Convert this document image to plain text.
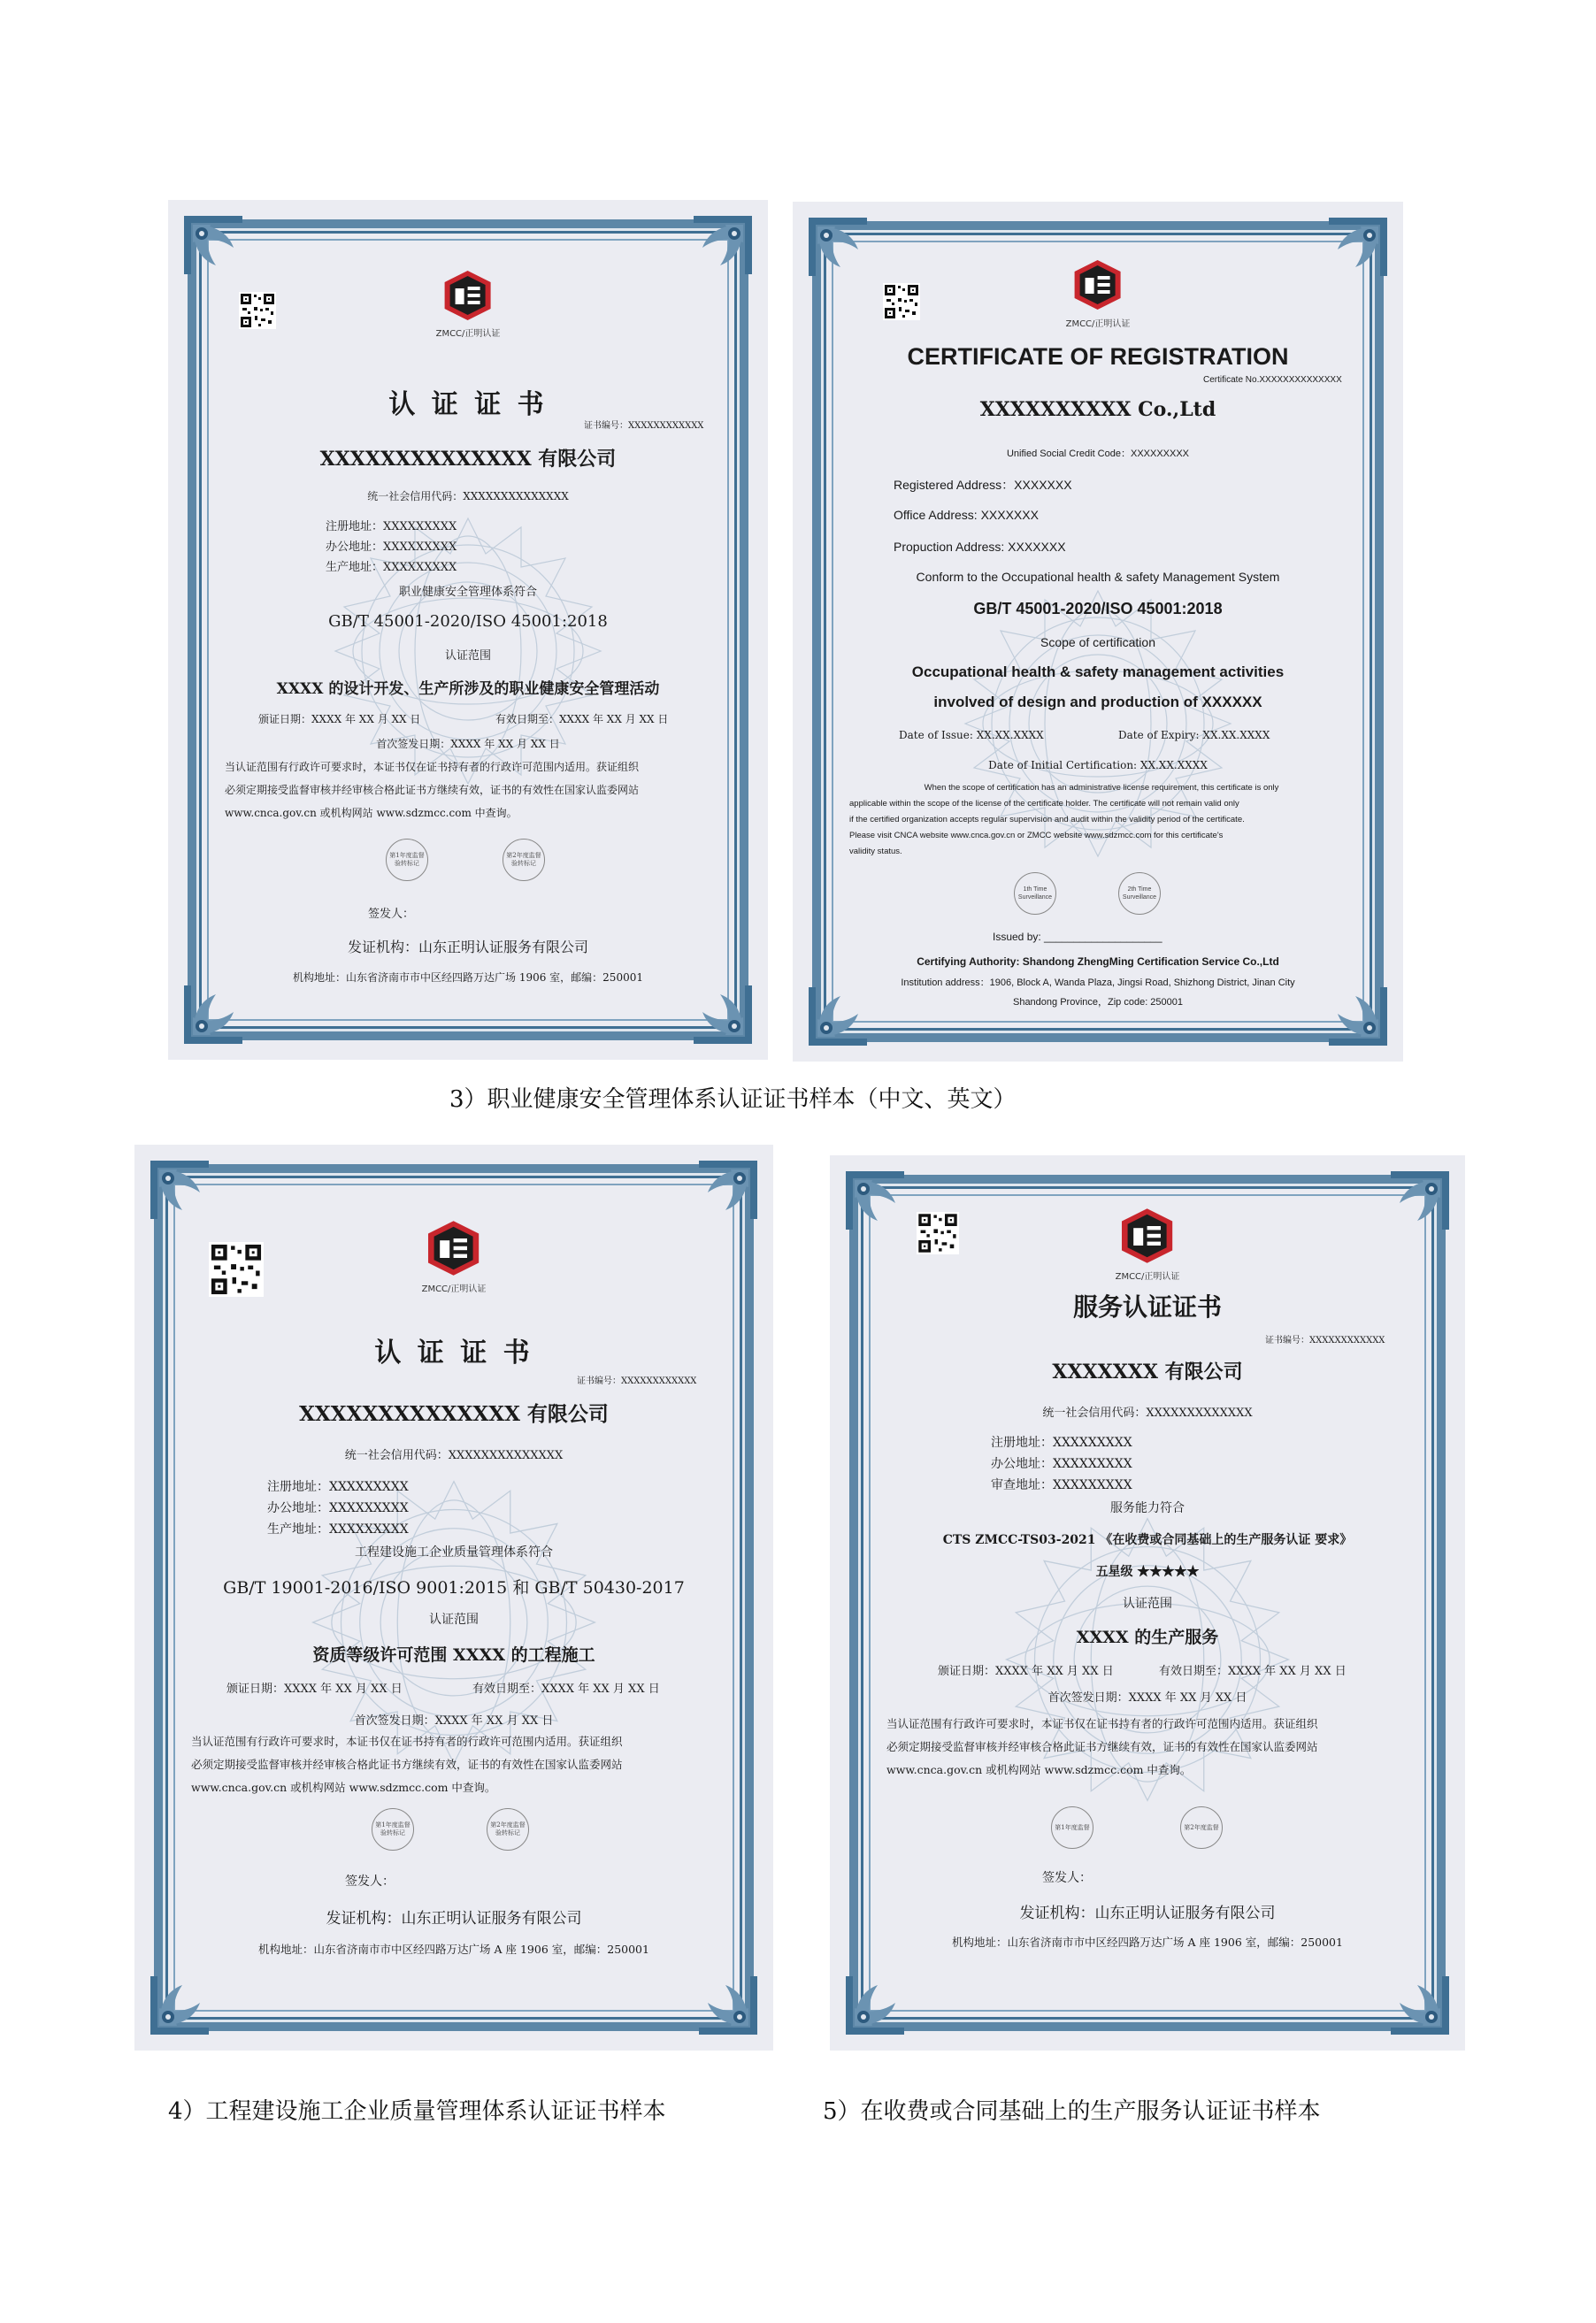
ZMCC/正明认证
认 证 证 书
证书编号：XXXXXXXXXXXX
XXXXXXXXXXXXXX 有限公司
统一社会信用代码：XXXXXXXXXXXXXX
注册地址：XXXXXXXXX
办公地址：XXXXXXXXX
生产地址：XXXXXXXXX
职业健康安全管理体系符合
GB/T 45001-2020/ISO 45001:2018
认证范围
XXXX 的设计开发、生产所涉及的职业健康安全管理活动
颁证日期：XXXX 年 XX 月 XX 日	有效日期至：XXXX 年 XX 月 XX 日
首次签发日期：XXXX 年 XX 月 XX 日
当认证范围有行政许可要求时，本证书仅在证书持有者的行政许可范围内适用。获证组织
必须定期接受监督审核并经审核合格此证书方继续有效，证书的有效性在国家认监委网站
www.cnca.gov.cn 或机构网站 www.sdzmcc.com 中查询。
第1年度监督验转标记
第2年度监督验转标记
签发人：
发证机构：山东正明认证服务有限公司
机构地址：山东省济南市市中区经四路万达广场 1906 室，邮编：250001
ZMCC/正明认证
CERTIFICATE OF REGISTRATION
Certificate No.XXXXXXXXXXXXXX
XXXXXXXXXX Co.,Ltd
Unified Social Credit Code：XXXXXXXXX
Registered Address：XXXXXXX
Office Address: XXXXXXX
Propuction Address: XXXXXXX
Conform to the Occupational health & safety Management System
GB/T 45001-2020/ISO 45001:2018
Scope of certification
Occupational health & safety management activities
involved of design and production of XXXXXX
Date of Issue: XX.XX.XXXX	Date of Expiry: XX.XX.XXXX
Date of Initial Certification: XX.XX.XXXX
When the scope of certification has an administrative license requirement, this certificate is only
applicable within the scope of the license of the certificate holder. The certificate will not remain valid only
if the certified organization accepts regular supervision and audit within the validity period of the certificate.
Please visit CNCA website www.cnca.gov.cn or ZMCC website www.sdzmcc.com for this certificate's
validity status.
1th Time Surveillance
2th Time Surveillance
Issued by: ____________________
Certifying Authority: Shandong ZhengMing Certification Service Co.,Ltd
Institution address：1906, Block A, Wanda Plaza, Jingsi Road, Shizhong District, Jinan City
Shandong Province，Zip code: 250001
3）职业健康安全管理体系认证证书样本（中文、英文）
ZMCC/正明认证
认 证 证 书
证书编号：XXXXXXXXXXXX
XXXXXXXXXXXXXX 有限公司
统一社会信用代码：XXXXXXXXXXXXXX
注册地址：XXXXXXXXX
办公地址：XXXXXXXXX
生产地址：XXXXXXXXX
工程建设施工企业质量管理体系符合
GB/T 19001-2016/ISO 9001:2015 和 GB/T 50430-2017
认证范围
资质等级许可范围 XXXX 的工程施工
颁证日期：XXXX 年 XX 月 XX 日	有效日期至：XXXX 年 XX 月 XX 日
首次签发日期：XXXX 年 XX 月 XX 日
当认证范围有行政许可要求时，本证书仅在证书持有者的行政许可范围内适用。获证组织
必须定期接受监督审核并经审核合格此证书方继续有效，证书的有效性在国家认监委网站
www.cnca.gov.cn 或机构网站 www.sdzmcc.com 中查询。
第1年度监督验转标记
第2年度监督验转标记
签发人：
发证机构：山东正明认证服务有限公司
机构地址：山东省济南市市中区经四路万达广场 A 座 1906 室，邮编：250001
ZMCC/正明认证
服务认证证书
证书编号：XXXXXXXXXXXX
XXXXXXX 有限公司
统一社会信用代码：XXXXXXXXXXXXX
注册地址：XXXXXXXXX
办公地址：XXXXXXXXX
审查地址：XXXXXXXXX
服务能力符合
CTS ZMCC-TS03-2021 《在收费或合同基础上的生产服务认证 要求》
五星级 ★★★★★
认证范围
XXXX 的生产服务
颁证日期：XXXX 年 XX 月 XX 日	有效日期至：XXXX 年 XX 月 XX 日
首次签发日期：XXXX 年 XX 月 XX 日
当认证范围有行政许可要求时，本证书仅在证书持有者的行政许可范围内适用。获证组织
必须定期接受监督审核并经审核合格此证书方继续有效，证书的有效性在国家认监委网站
www.cnca.gov.cn 或机构网站 www.sdzmcc.com 中查询。
第1年度监督	第2年度监督
签发人：
发证机构：山东正明认证服务有限公司
机构地址：山东省济南市市中区经四路万达广场 A 座 1906 室，邮编：250001
4）工程建设施工企业质量管理体系认证证书样本	5）在收费或合同基础上的生产服务认证证书样本
